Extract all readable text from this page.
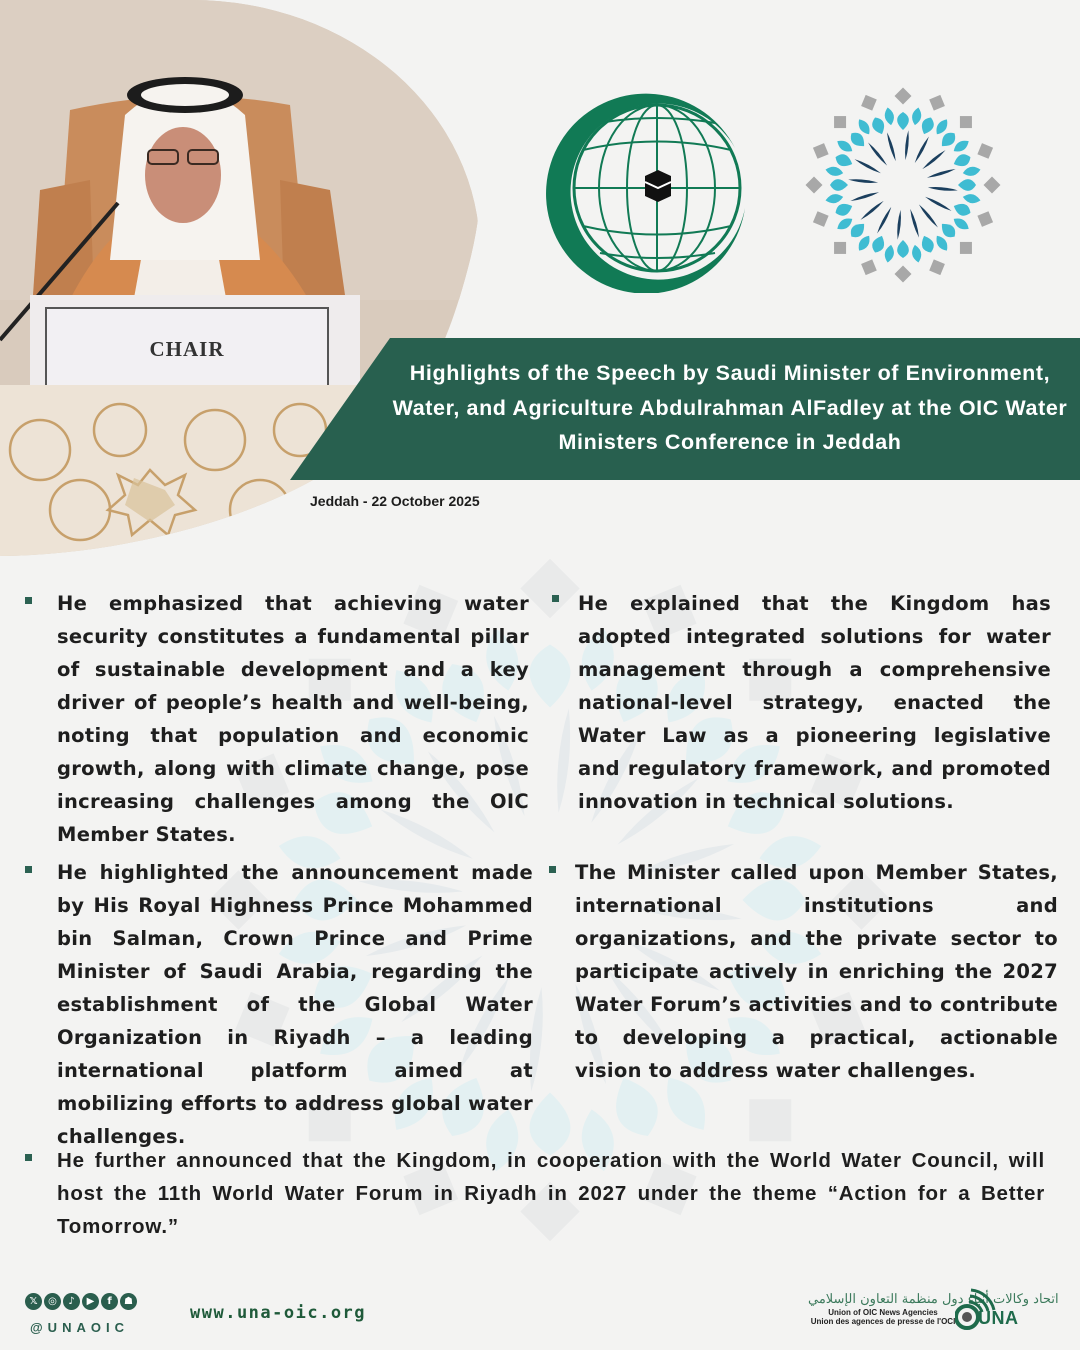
CHAIR
Highlights of the Speech by Saudi Minister of Environment, Water, and Agriculture Abdulrahman AlFadley at the OIC Water Ministers Conference in Jeddah
Jeddah - 22 October 2025
He emphasized that achieving water security constitutes a fundamental pillar of sustainable development and a key driver of people’s health and well-being, noting that population and economic growth, along with climate change, pose increasing challenges among the OIC Member States.
He explained that the Kingdom has adopted integrated solutions for water management through a comprehensive national-level strategy, enacted the Water Law as a pioneering legislative and regulatory framework, and promoted innovation in technical solutions.
He highlighted the announcement made by His Royal Highness Prince Mohammed bin Salman, Crown Prince and Prime Minister of Saudi Arabia, regarding the establishment of the Global Water Organization in Riyadh – a leading international platform aimed at mobilizing efforts to address global water challenges.
The Minister called upon Member States, international institutions and organizations, and the private sector to participate actively in enriching the 2027 Water Forum’s activities and to contribute to developing a practical, actionable vision to address water challenges.
He further announced that the Kingdom, in cooperation with the World Water Council, will host the 11th World Water Forum in Riyadh in 2027 under the theme “Action for a Better Tomorrow.”
𝕏	◎	♪	▶	f	☗
@UNAOIC
www.una-oic.org
اتحاد وكالات أنباء دول منظمة التعاون الإسلامي
Union of OIC News Agencies
Union des agences de presse de l'OCI UNA
